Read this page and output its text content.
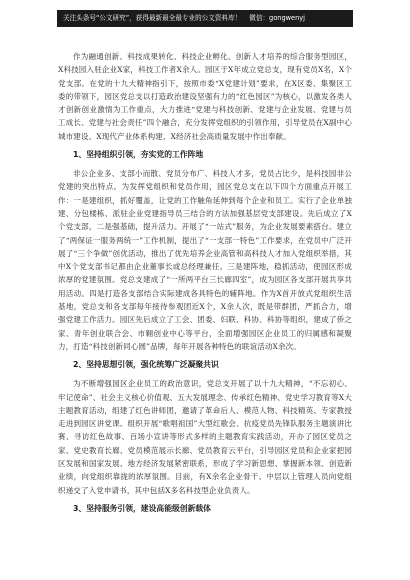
关注头条号“公文研究”，获得最新最全最专业的公文资料库！ 微信：gongwenyj

作为融通创新、科技成果转化、科技企业孵化、创新人才培养的综合服务型园区，X科技园入驻企业X家，科技工作者X余人。园区于X年成立党总支，现有党员X名，X个党支部。在党的十九大精神指引下，按照市委“X党建计划”要求，在X区委、集聚区工委的带领下，园区党总支以打造政治建设坚强有力的“红色园区”为核心，以激发各类人才创新创业激情为工作重点，大力推进“党建与科技创新、党建与企业发展、党建与员工成长、党建与社会责任”四个融合，充分发挥党组织的引领作用，引导党员在X副中心城市建设、X现代产业体系构建、X经济社会高质量发展中作出奉献。

1、坚持组织引领，夯实党的工作阵地

非公企业多、支部小而散、党员分布广、科技人才多，党员占比少，是科技园非公党建的突出特点。为发挥党组织和党员作用，园区党总支在以下四个方面重点开展工作：一是建组织，抓好覆盖，让党的工作触角延伸到每个企业和员工。实行了企业单独建、分包楼栋、派驻企业党建指导员三结合的方法加强基层党支部建设。先后成立了X个党支部，二是强基础，提升活力。开展了“一站式”服务，为企业发展要素搭台。建立了“两保证一服务两统一”工作机制，提出了“一支部一特色”工作要求，在党员中广泛开展了“三个争做”创优活动，推出了优先培养企业高管和高科技人才加入党组织举措，其中X个党支部书记都由企业董事长或总经理兼任。三是建阵地，稳抓活动，使园区形成浓厚的党建氛围。党总支建成了“一所两平台三长廊四室”，成为园区各支部开展共享共用活动。四是打造各支部结合实际建成各具特色的辅阵地。作为X首开放式党组织生活基地，党总支和各支部每年接待参观团近X个，X余人次，既是带群团，严抓合力，增强党建工作活力。园区先后成立了工会、团委、妇联、科协、科协等组织，建成了侨之家、青年创业联合会、市翱创业中心等平台，全面增强园区企业员工的归属感和凝聚力，打造“科技创新同心圆”品牌，每年开展各种特色的联谊活动X余次。

2、坚持思想引领，强化统筹广泛凝聚共识

为不断增强园区企业员工的政治意识，党总支开展了以十九大精神，“不忘初心、牢记使命”、社会主义核心价值观、五大发展理念、传承红色精神、党史学习教育等X大主题教育活动，组建了红色讲师团，邀请了革命后人、模范人物、科技精英、专家教授走进到园区讲党课。组织开展“歌唱祖国”大型红歌会、抗疫党员先锋队服务主题演讲比赛、寻访红色故事、百场小宣讲等形式多样的主题教育实践活动，开办了园区党员之家、党史教育长廊、党员模范展示长廊、党员教育云平台，引导园区党员和企业家把园区发展和国家发展、地方经济发展紧密联系，形成了学习新思想、掌握新本领、创造新业绩，向党组织靠拢的浓厚氛围。目前，有X余名企业骨干、中层以上管理人员向党组织递交了入党申请书，其中包括X多名科技型企业负责人。

3、坚持服务引领，建设高能级创新载体
